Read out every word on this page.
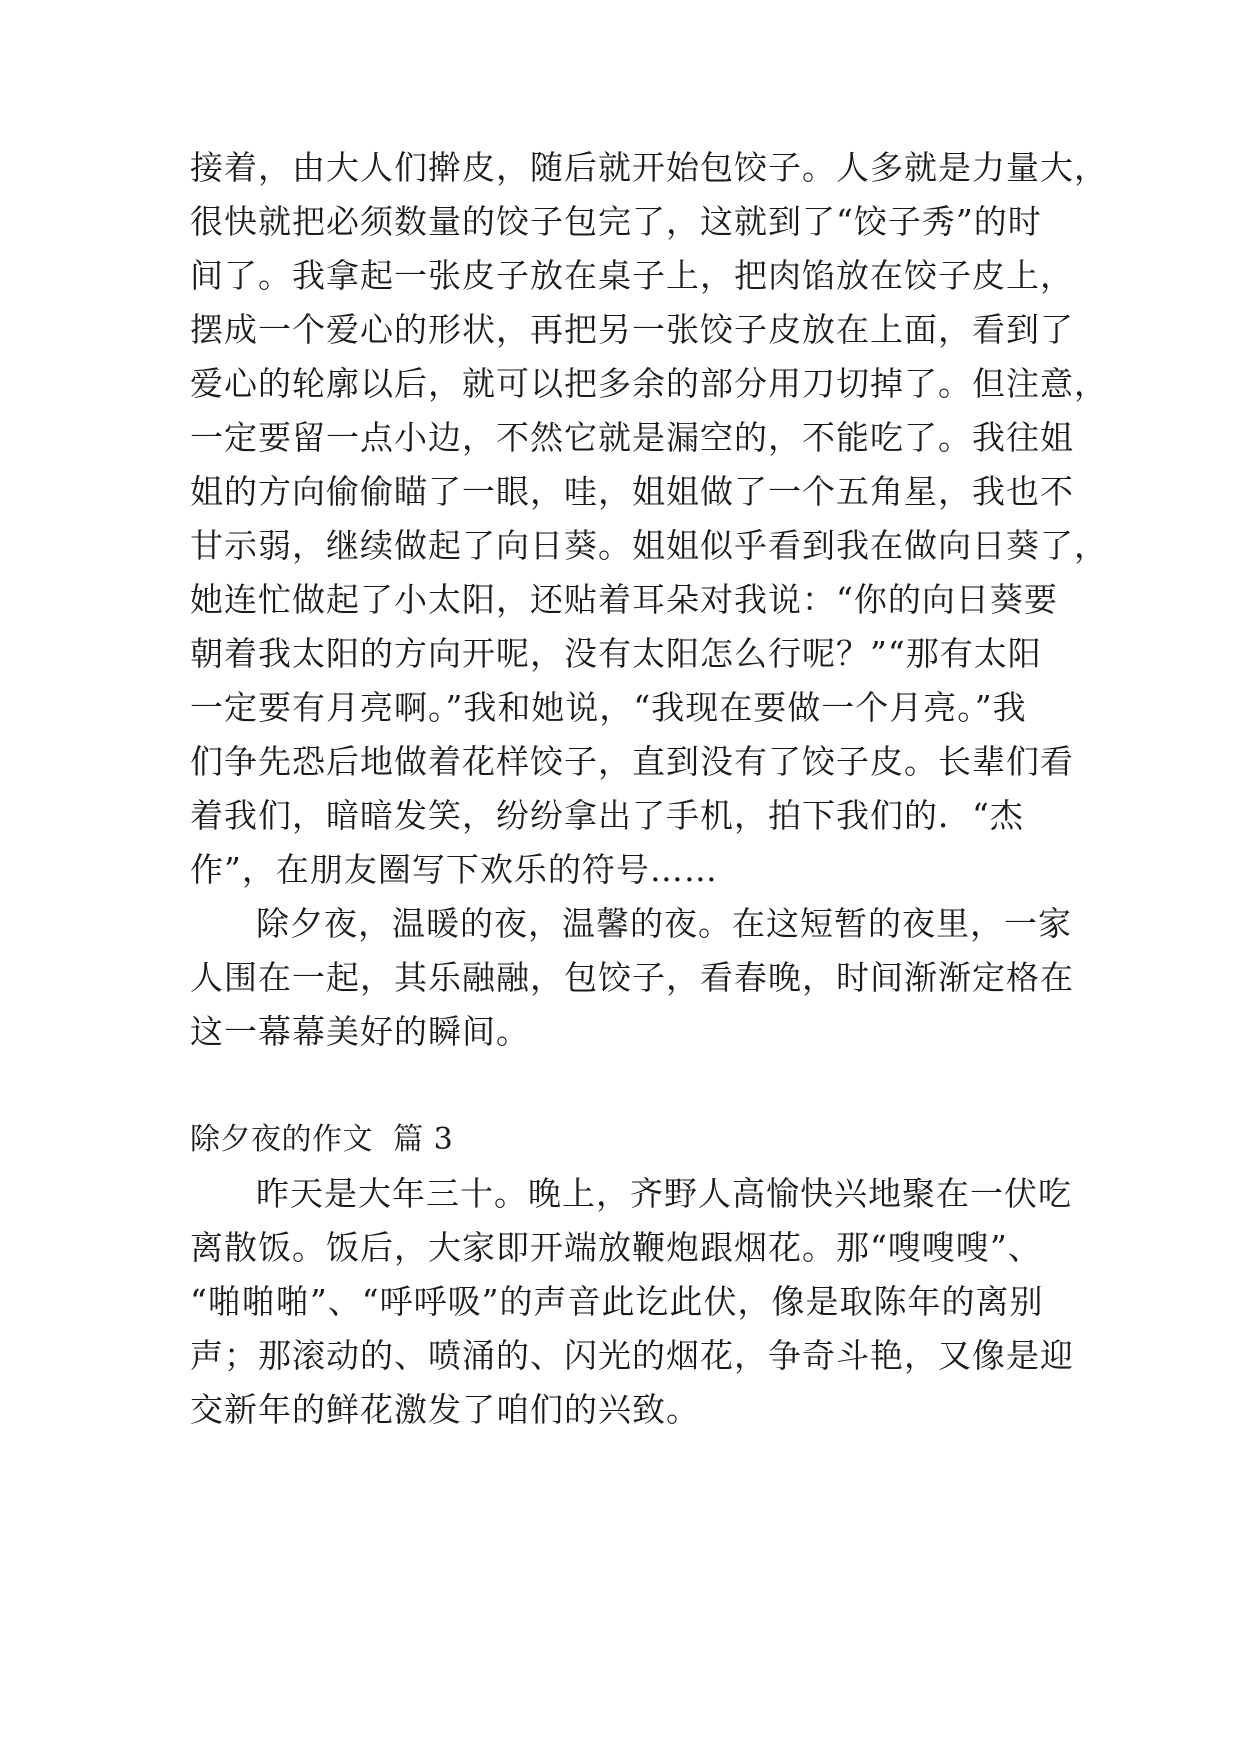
接着，由大人们擀皮，随后就开始包饺子。人多就是力量大，
很快就把必须数量的饺子包完了，这就到了“饺子秀”的时
间了。我拿起一张皮子放在桌子上，把肉馅放在饺子皮上，
摆成一个爱心的形状，再把另一张饺子皮放在上面，看到了
爱心的轮廓以后，就可以把多余的部分用刀切掉了。但注意，
一定要留一点小边，不然它就是漏空的，不能吃了。我往姐
姐的方向偷偷瞄了一眼，哇，姐姐做了一个五角星，我也不
甘示弱，继续做起了向日葵。姐姐似乎看到我在做向日葵了，
她连忙做起了小太阳，还贴着耳朵对我说：“你的向日葵要
朝着我太阳的方向开呢，没有太阳怎么行呢？”“那有太阳
一定要有月亮啊。”我和她说，“我现在要做一个月亮。”我
们争先恐后地做着花样饺子，直到没有了饺子皮。长辈们看
着我们，暗暗发笑，纷纷拿出了手机，拍下我们的．“杰
作”，在朋友圈写下欢乐的符号……
除夕夜，温暖的夜，温馨的夜。在这短暂的夜里，一家
人围在一起，其乐融融，包饺子，看春晚，时间渐渐定格在
这一幕幕美好的瞬间。
除夕夜的作文  篇 3
昨天是大年三十。晚上，齐野人高愉快兴地聚在一伏吃
离散饭。饭后，大家即开端放鞭炮跟烟花。那“嗖嗖嗖”、
“啪啪啪”、“呼呼吸”的声音此讫此伏，像是取陈年的离别
声；那滚动的、喷涌的、闪光的烟花，争奇斗艳，又像是迎
交新年的鲜花激发了咱们的兴致。
